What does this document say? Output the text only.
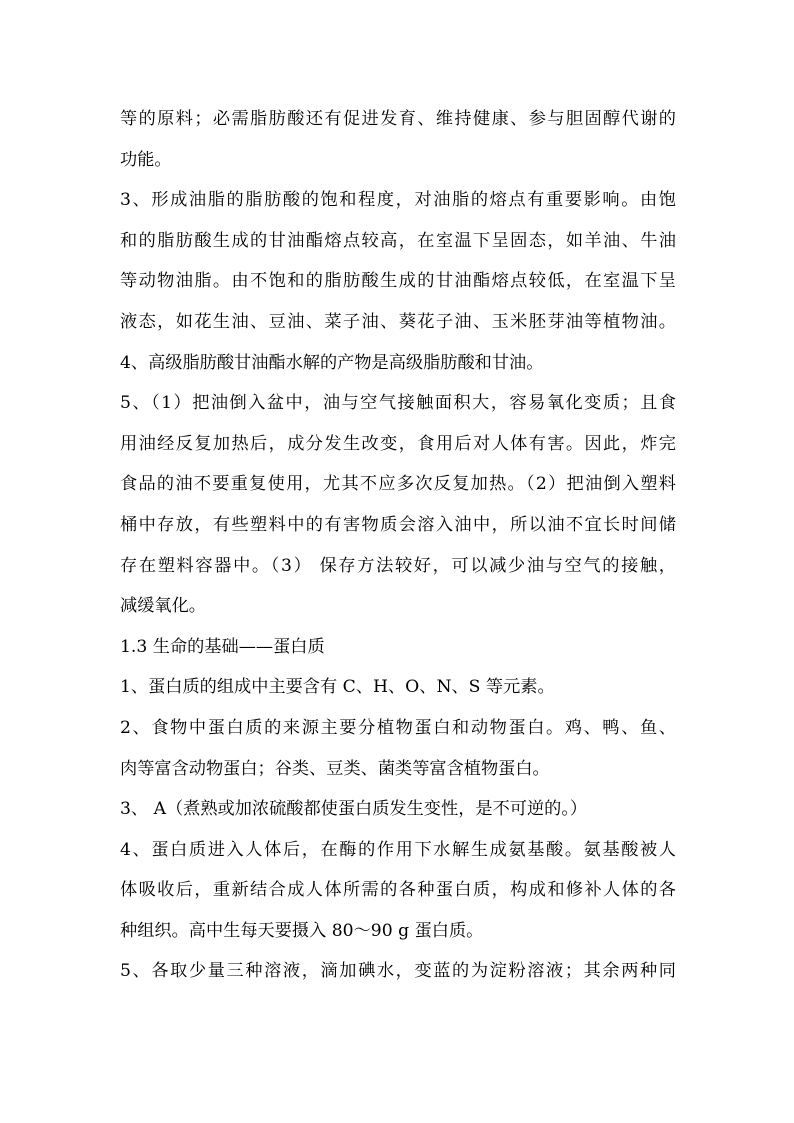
等的原料；必需脂肪酸还有促进发育、维持健康、参与胆固醇代谢的
功能。
3、形成油脂的脂肪酸的饱和程度，对油脂的熔点有重要影响。由饱
和的脂肪酸生成的甘油酯熔点较高，在室温下呈固态，如羊油、牛油
等动物油脂。由不饱和的脂肪酸生成的甘油酯熔点较低，在室温下呈
液态，如花生油、豆油、菜子油、葵花子油、玉米胚芽油等植物油。
4、高级脂肪酸甘油酯水解的产物是高级脂肪酸和甘油。
5、（1）把油倒入盆中，油与空气接触面积大，容易氧化变质；且食
用油经反复加热后，成分发生改变，食用后对人体有害。因此，炸完
食品的油不要重复使用，尤其不应多次反复加热。（2）把油倒入塑料
桶中存放，有些塑料中的有害物质会溶入油中，所以油不宜长时间储
存在塑料容器中。（3） 保存方法较好，可以减少油与空气的接触，
减缓氧化。
1.3 生命的基础——蛋白质
1、蛋白质的组成中主要含有 C、H、O、N、S 等元素。
2、食物中蛋白质的来源主要分植物蛋白和动物蛋白。鸡、鸭、鱼、
肉等富含动物蛋白；谷类、豆类、菌类等富含植物蛋白。
3、 A（煮熟或加浓硫酸都使蛋白质发生变性，是不可逆的。）
4、蛋白质进入人体后，在酶的作用下水解生成氨基酸。氨基酸被人
体吸收后，重新结合成人体所需的各种蛋白质，构成和修补人体的各
种组织。高中生每天要摄入 80～90 g 蛋白质。
5、各取少量三种溶液，滴加碘水，变蓝的为淀粉溶液；其余两种同
